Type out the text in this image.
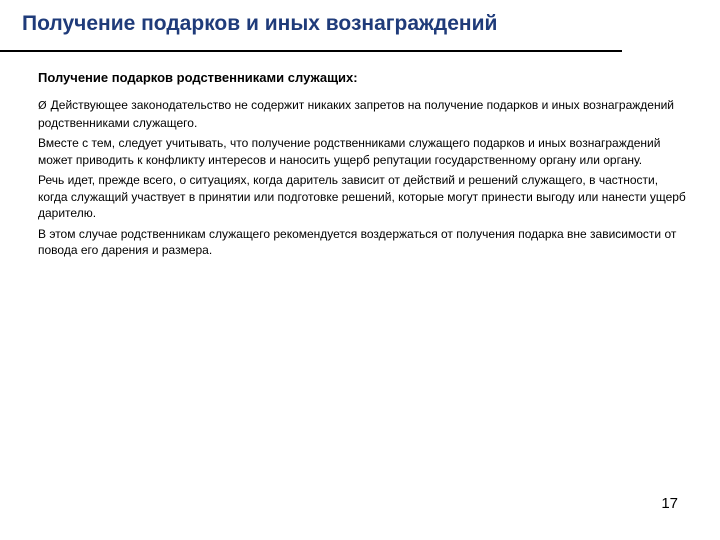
Получение подарков и иных вознаграждений

Получение подарков родственниками служащих:

Ø Действующее законодательство не содержит никаких запретов на получение подарков и иных вознаграждений родственниками служащего.

Вместе с тем, следует учитывать, что получение родственниками служащего подарков и иных вознаграждений может приводить к конфликту интересов и наносить ущерб репутации государственному органу или органу.

Речь идет, прежде всего, о ситуациях, когда даритель зависит от действий и решений служащего, в частности, когда служащий участвует в принятии или подготовке решений, которые могут принести выгоду или нанести ущерб дарителю.

В этом случае родственникам служащего рекомендуется воздержаться от получения подарка вне зависимости от повода его дарения и размера.

17
